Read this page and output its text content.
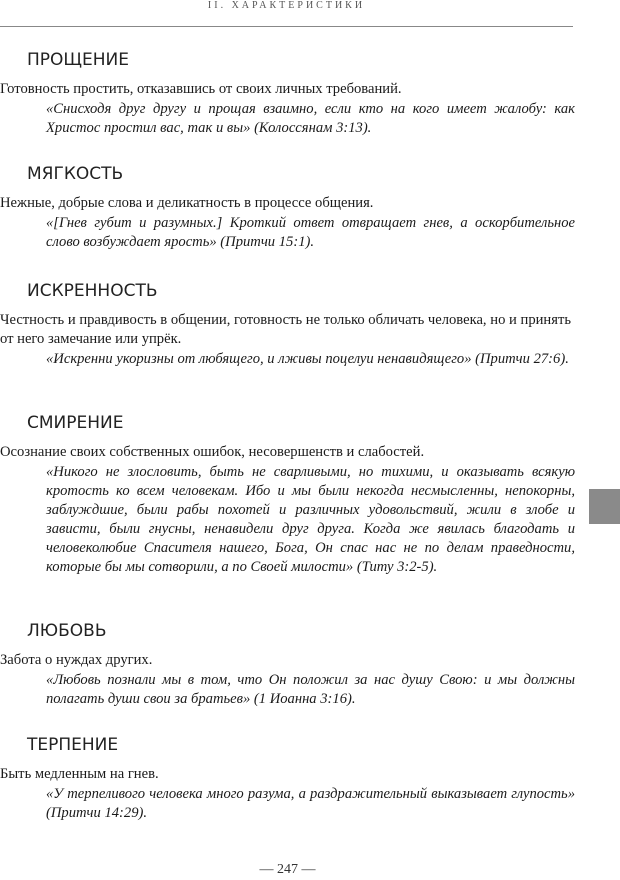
II. ХАРАКТЕРИСТИКИ
ПРОЩЕНИЕ

Готовность простить, отказавшись от своих личных требований.

«Снисходя друг другу и прощая взаимно, если кто на кого имеет жалобу: как Христос простил вас, так и вы» (Колоссянам 3:13).

МЯГКОСТЬ

Нежные, добрые слова и деликатность в процессе общения.

«[Гнев губит и разумных.] Кроткий ответ отвращает гнев, а оскорбительное слово возбуждает ярость» (Притчи 15:1).

ИСКРЕННОСТЬ

Честность и правдивость в общении, готовность не только обличать человека, но и принять от него замечание или упрёк.

«Искренни укоризны от любящего, и лживы поцелуи ненавидящего» (Притчи 27:6).

СМИРЕНИЕ

Осознание своих собственных ошибок, несовершенств и слабостей.

«Никого не злословить, быть не сварливыми, но тихими, и оказывать всякую кротость ко всем человекам. Ибо и мы были некогда несмысленны, непокорны, заблуждшие, были рабы похотей и различных удовольствий, жили в злобе и зависти, были гнусны, ненавидели друг друга. Когда же явилась благодать и человеколюбие Спасителя нашего, Бога, Он спас нас не по делам праведности, которые бы мы сотворили, а по Своей милости» (Титу 3:2-5).

ЛЮБОВЬ

Забота о нуждах других.

«Любовь познали мы в том, что Он положил за нас душу Свою: и мы должны полагать души свои за братьев» (1 Иоанна 3:16).

ТЕРПЕНИЕ

Быть медленным на гнев.

«У терпеливого человека много разума, а раздражительный выказывает глупость» (Притчи 14:29).

— 247 —
